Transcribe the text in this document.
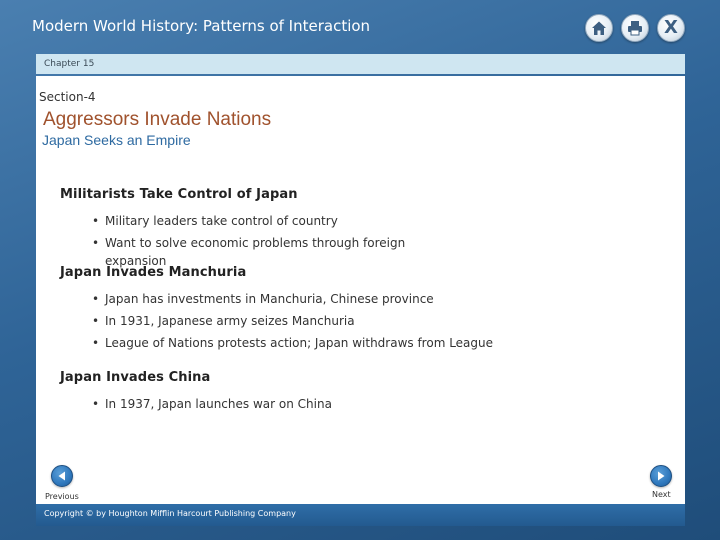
Modern World History: Patterns of Interaction	X
Chapter 15
Section-4
Aggressors Invade Nations
Japan Seeks an Empire
Militarists Take Control of Japan
• Military leaders take control of country
• Want to solve economic problems through foreign expansion
Japan Invades Manchuria
• Japan has investments in Manchuria, Chinese province
• In 1931, Japanese army seizes Manchuria
• League of Nations protests action; Japan withdraws from League
Japan Invades China
• In 1937, Japan launches war on China
Previous	Next
Copyright © by Houghton Mifflin Harcourt Publishing Company
